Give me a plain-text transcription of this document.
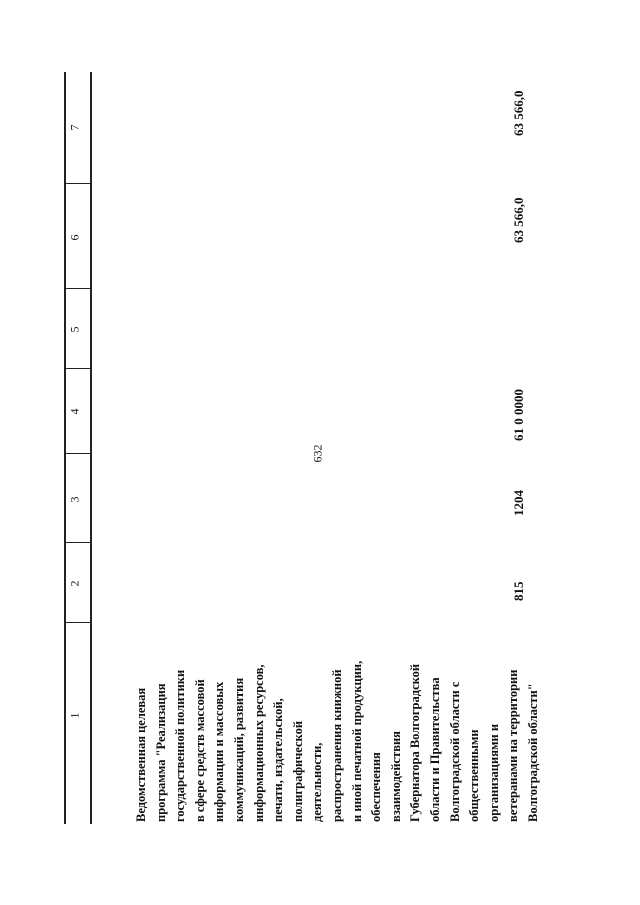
632
1
2
3
4
5
6
7
815
1204
61 0 0000
63 566,0
63 566,0
Ведомственная целевая программа "Реализация государственной политики в сфере средств массовой информации и массовых коммуникаций, развития информационных ресурсов, печати, издательской, полиграфической деятельности, распространения книжной и иной печатной продукции, обеспечения взаимодействия Губернатора Волгоградской области и Правительства Волгоградской области с общественными организациями и ветеранами на территории Волгоградской области"
